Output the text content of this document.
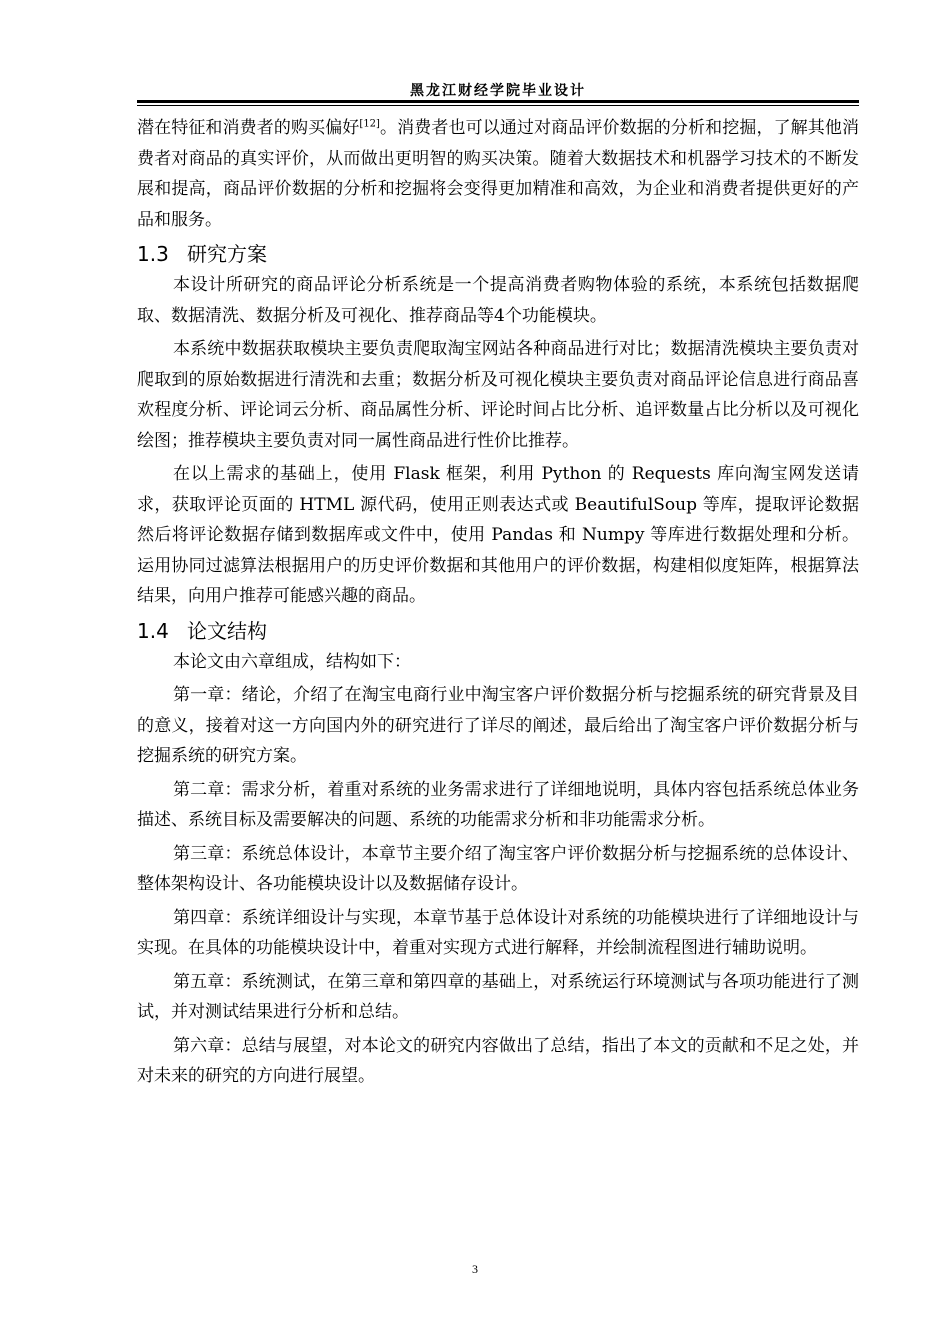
黑龙江财经学院毕业设计

潜在特征和消费者的购买偏好[12]。消费者也可以通过对商品评价数据的分析和挖掘，了解其他消费者对商品的真实评价，从而做出更明智的购买决策。随着大数据技术和机器学习技术的不断发展和提高，商品评价数据的分析和挖掘将会变得更加精准和高效，为企业和消费者提供更好的产品和服务。

1.3 研究方案

本设计所研究的商品评论分析系统是一个提高消费者购物体验的系统，本系统包括数据爬取、数据清洗、数据分析及可视化、推荐商品等4个功能模块。

本系统中数据获取模块主要负责爬取淘宝网站各种商品进行对比；数据清洗模块主要负责对爬取到的原始数据进行清洗和去重；数据分析及可视化模块主要负责对商品评论信息进行商品喜欢程度分析、评论词云分析、商品属性分析、评论时间占比分析、追评数量占比分析以及可视化绘图；推荐模块主要负责对同一属性商品进行性价比推荐。

在以上需求的基础上，使用 Flask 框架，利用 Python 的 Requests 库向淘宝网发送请求，获取评论页面的 HTML 源代码，使用正则表达式或 BeautifulSoup 等库，提取评论数据然后将评论数据存储到数据库或文件中，使用 Pandas 和 Numpy 等库进行数据处理和分析。运用协同过滤算法根据用户的历史评价数据和其他用户的评价数据，构建相似度矩阵，根据算法结果，向用户推荐可能感兴趣的商品。

1.4 论文结构

本论文由六章组成，结构如下：

第一章：绪论，介绍了在淘宝电商行业中淘宝客户评价数据分析与挖掘系统的研究背景及目的意义，接着对这一方向国内外的研究进行了详尽的阐述，最后给出了淘宝客户评价数据分析与挖掘系统的研究方案。

第二章：需求分析，着重对系统的业务需求进行了详细地说明，具体内容包括系统总体业务描述、系统目标及需要解决的问题、系统的功能需求分析和非功能需求分析。

第三章：系统总体设计，本章节主要介绍了淘宝客户评价数据分析与挖掘系统的总体设计、整体架构设计、各功能模块设计以及数据储存设计。

第四章：系统详细设计与实现，本章节基于总体设计对系统的功能模块进行了详细地设计与实现。在具体的功能模块设计中，着重对实现方式进行解释，并绘制流程图进行辅助说明。

第五章：系统测试，在第三章和第四章的基础上，对系统运行环境测试与各项功能进行了测试，并对测试结果进行分析和总结。

第六章：总结与展望，对本论文的研究内容做出了总结，指出了本文的贡献和不足之处，并对未来的研究的方向进行展望。

3
